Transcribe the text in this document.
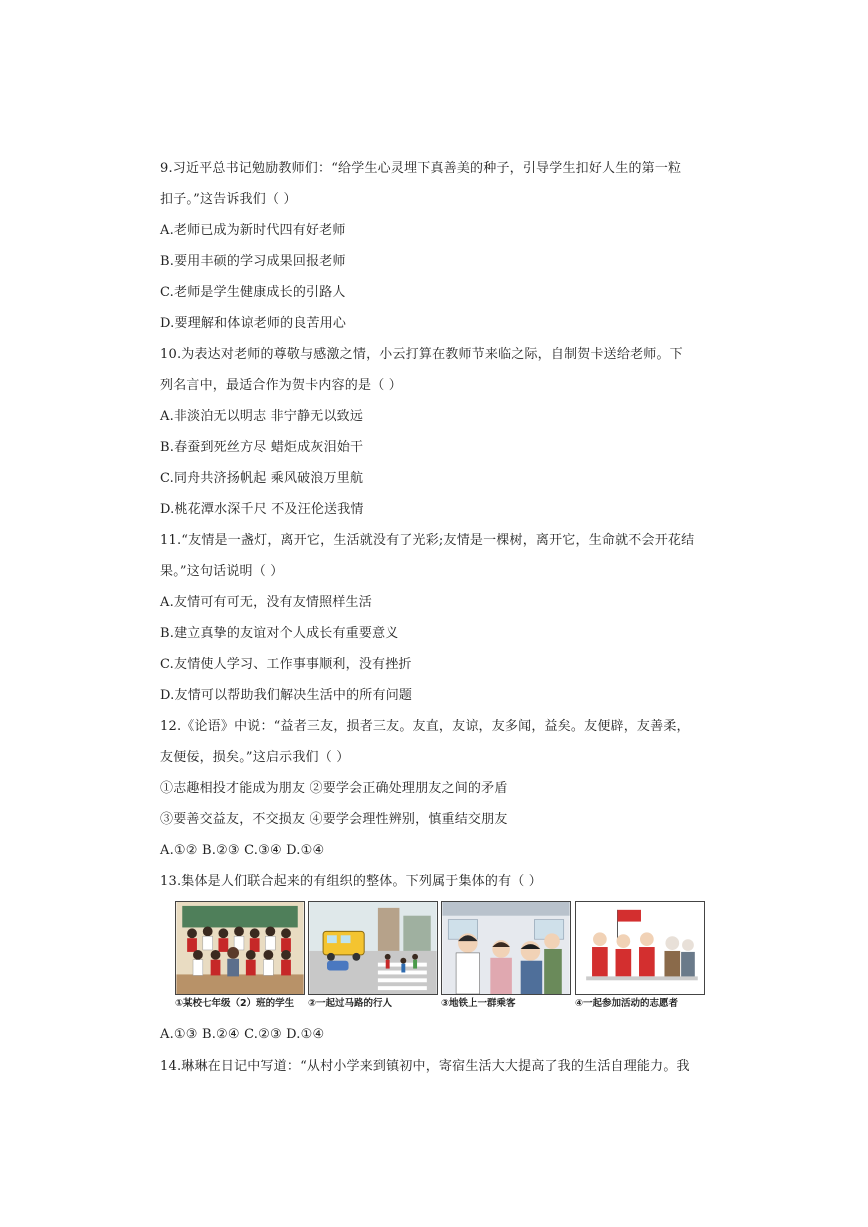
9.习近平总书记勉励教师们：“给学生心灵埋下真善美的种子，引导学生扣好人生的第一粒
扣子。”这告诉我们（ ）
A.老师已成为新时代四有好老师
B.要用丰硕的学习成果回报老师
C.老师是学生健康成长的引路人
D.要理解和体谅老师的良苦用心
10.为表达对老师的尊敬与感激之情，小云打算在教师节来临之际，自制贺卡送给老师。下
列名言中，最适合作为贺卡内容的是（ ）
A.非淡泊无以明志 非宁静无以致远
B.春蚕到死丝方尽 蜡炬成灰泪始干
C.同舟共济扬帆起 乘风破浪万里航
D.桃花潭水深千尺 不及汪伦送我情
11.“友情是一盏灯，离开它，生活就没有了光彩;友情是一棵树，离开它，生命就不会开花结
果。”这句话说明（ ）
A.友情可有可无，没有友情照样生活
B.建立真挚的友谊对个人成长有重要意义
C.友情使人学习、工作事事顺利，没有挫折
D.友情可以帮助我们解决生活中的所有问题
12.《论语》中说：“益者三友，损者三友。友直，友谅，友多闻，益矣。友便辟，友善柔，
友便佞，损矣。”这启示我们（ ）
①志趣相投才能成为朋友 ②要学会正确处理朋友之间的矛盾
③要善交益友，不交损友 ④要学会理性辨别，慎重结交朋友
A.①② B.②③ C.③④ D.①④
13.集体是人们联合起来的有组织的整体。下列属于集体的有（ ）
①某校七年级（2）班的学生	②一起过马路的行人	③地铁上一群乘客	④一起参加活动的志愿者
A.①③ B.②④ C.②③ D.①④
14.琳琳在日记中写道：“从村小学来到镇初中，寄宿生活大大提高了我的生活自理能力。我
